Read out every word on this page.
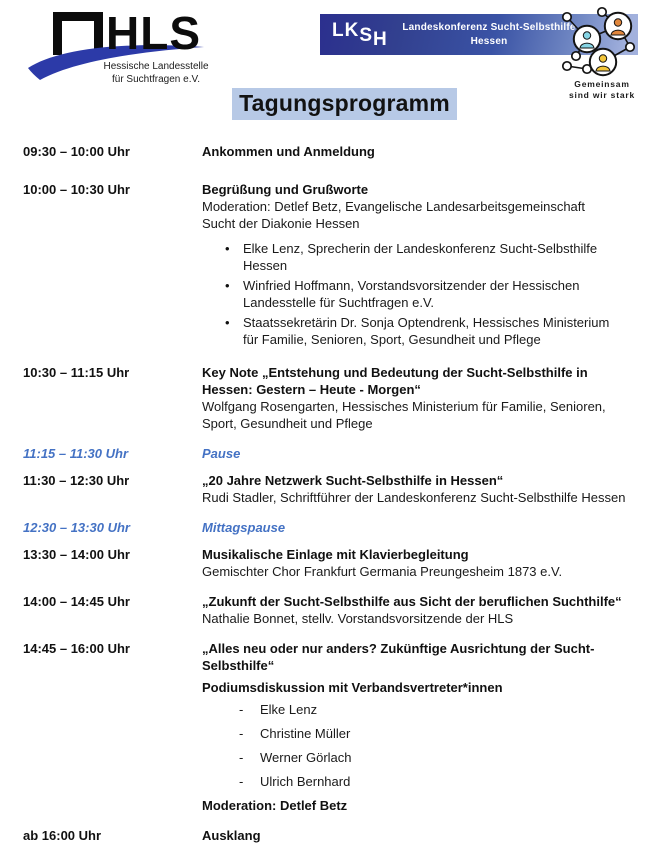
HLS
Hessische Landesstelle
für Suchtfragen e.V.
LKSH
Landeskonferenz Sucht-Selbsthilfe
Hessen
Gemeinsam
sind wir stark
Tagungsprogramm
09:30 – 10:00 Uhr	Ankommen und Anmeldung
10:00 – 10:30 Uhr	Begrüßung und Grußworte
Moderation: Detlef Betz, Evangelische Landesarbeitsgemeinschaft
Sucht der Diakonie Hessen
• Elke Lenz, Sprecherin der Landeskonferenz Sucht-Selbsthilfe
Hessen
• Winfried Hoffmann, Vorstandsvorsitzender der Hessischen
Landesstelle für Suchtfragen e.V.
• Staatssekretärin Dr. Sonja Optendrenk, Hessisches Ministerium
für Familie, Senioren, Sport, Gesundheit und Pflege
10:30 – 11:15 Uhr	Key Note „Entstehung und Bedeutung der Sucht-Selbsthilfe in
Hessen: Gestern – Heute - Morgen“
Wolfgang Rosengarten, Hessisches Ministerium für Familie, Senioren,
Sport, Gesundheit und Pflege
11:15 – 11:30 Uhr	Pause
11:30 – 12:30 Uhr	„20 Jahre Netzwerk Sucht-Selbsthilfe in Hessen“
Rudi Stadler, Schriftführer der Landeskonferenz Sucht-Selbsthilfe Hessen
12:30 – 13:30 Uhr	Mittagspause
13:30 – 14:00 Uhr	Musikalische Einlage mit Klavierbegleitung
Gemischter Chor Frankfurt Germania Preungesheim 1873 e.V.
14:00 – 14:45 Uhr	„Zukunft der Sucht-Selbsthilfe aus Sicht der beruflichen Suchthilfe“
Nathalie Bonnet, stellv. Vorstandsvorsitzende der HLS
14:45 – 16:00 Uhr	„Alles neu oder nur anders? Zukünftige Ausrichtung der Sucht-
Selbsthilfe“
Podiumsdiskussion mit Verbandsvertreter*innen
- Elke Lenz
- Christine Müller
- Werner Görlach
- Ulrich Bernhard
Moderation: Detlef Betz
ab 16:00 Uhr	Ausklang
